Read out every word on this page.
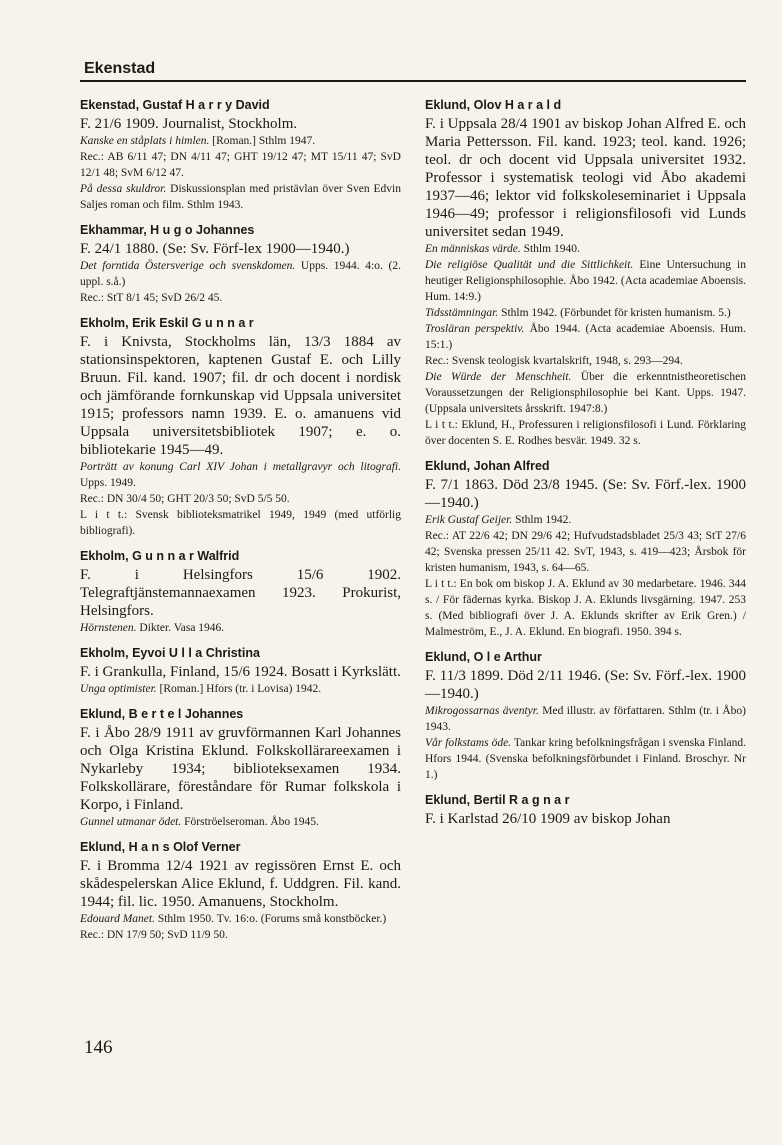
Ekenstad
Ekenstad, Gustaf H a r r y David
F. 21/6 1909. Journalist, Stockholm.
Kanske en ståplats i himlen. [Roman.] Sthlm 1947.
Rec.: AB 6/11 47; DN 4/11 47; GHT 19/12 47; MT 15/11 47; SvD 12/1 48; SvM 6/12 47.
På dessa skuldror. Diskussionsplan med pristävlan över Sven Edvin Saljes roman och film. Sthlm 1943.
Ekhammar, H u g o Johannes
F. 24/1 1880. (Se: Sv. Förf-lex 1900—1940.)
Det forntida Östersverige och svenskdomen. Upps. 1944. 4:o. (2. uppl. s.å.)
Rec.: StT 8/1 45; SvD 26/2 45.
Ekholm, Erik Eskil G u n n a r
F. i Knivsta, Stockholms län, 13/3 1884 av stationsinspektoren, kaptenen Gustaf E. och Lilly Bruun. Fil. kand. 1907; fil. dr och docent i nordisk och jämförande fornkunskap vid Uppsala universitet 1915; professors namn 1939. E. o. amanuens vid Uppsala universitetsbibliotek 1907; e. o. bibliotekarie 1945—49.
Porträtt av konung Carl XIV Johan i metallgravyr och litografi. Upps. 1949.
Rec.: DN 30/4 50; GHT 20/3 50; SvD 5/5 50.
L i t t.: Svensk biblioteksmatrikel 1949, 1949 (med utförlig bibliografi).
Ekholm, G u n n a r Walfrid
F. i Helsingfors 15/6 1902. Telegraftjänstemannaexamen 1923. Prokurist, Helsingfors.
Hörnstenen. Dikter. Vasa 1946.
Ekholm, Eyvoi U l l a Christina
F. i Grankulla, Finland, 15/6 1924. Bosatt i Kyrkslätt.
Unga optimister. [Roman.] Hfors (tr. i Lovisa) 1942.
Eklund, B e r t e l Johannes
F. i Åbo 28/9 1911 av gruvförmannen Karl Johannes och Olga Kristina Eklund. Folkskollärareexamen i Nykarleby 1934; biblioteksexamen 1934. Folkskollärare, föreståndare för Rumar folkskola i Korpo, i Finland.
Gunnel utmanar ödet. Förströelseroman. Åbo 1945.
Eklund, H a n s Olof Verner
F. i Bromma 12/4 1921 av regissören Ernst E. och skådespelerskan Alice Eklund, f. Uddgren. Fil. kand. 1944; fil. lic. 1950. Amanuens, Stockholm.
Edouard Manet. Sthlm 1950. Tv. 16:o. (Forums små konstböcker.)
Rec.: DN 17/9 50; SvD 11/9 50.
Eklund, Olov H a r a l d
F. i Uppsala 28/4 1901 av biskop Johan Alfred E. och Maria Pettersson. Fil. kand. 1923; teol. kand. 1926; teol. dr och docent vid Uppsala universitet 1932. Professor i systematisk teologi vid Åbo akademi 1937—46; lektor vid folkskoleseminariet i Uppsala 1946—49; professor i religionsfilosofi vid Lunds universitet sedan 1949.
En människas värde. Sthlm 1940.
Die religiöse Qualität und die Sittlichkeit. Eine Untersuchung in heutiger Religionsphilosophie. Åbo 1942. (Acta academiae Aboensis. Hum. 14:9.)
Tidsstämningar. Sthlm 1942. (Förbundet för kristen humanism. 5.)
Trosläran perspektiv. Åbo 1944. (Acta academiae Aboensis. Hum. 15:1.)
Rec.: Svensk teologisk kvartalskrift, 1948, s. 293—294.
Die Würde der Menschheit. Über die erkenntnistheoretischen Voraussetzungen der Religionsphilosophie bei Kant. Upps. 1947. (Uppsala universitets årsskrift. 1947:8.)
L i t t.: Eklund, H., Professuren i religionsfilosofi i Lund. Förklaring över docenten S. E. Rodhes besvär. 1949. 32 s.
Eklund, Johan Alfred
F. 7/1 1863. Död 23/8 1945. (Se: Sv. Förf.-lex. 1900—1940.)
Erik Gustaf Geijer. Sthlm 1942.
Rec.: AT 22/6 42; DN 29/6 42; Hufvudstadsbladet 25/3 43; StT 27/6 42; Svenska pressen 25/11 42. SvT, 1943, s. 419—423; Årsbok för kristen humanism, 1943, s. 64—65.
L i t t.: En bok om biskop J. A. Eklund av 30 medarbetare. 1946. 344 s. / För fädernas kyrka. Biskop J. A. Eklunds livsgärning. 1947. 253 s. (Med bibliografi över J. A. Eklunds skrifter av Erik Gren.) / Malmeström, E., J. A. Eklund. En biografi. 1950. 394 s.
Eklund, O l e Arthur
F. 11/3 1899. Död 2/11 1946. (Se: Sv. Förf.-lex. 1900—1940.)
Mikrogossarnas äventyr. Med illustr. av författaren. Sthlm (tr. i Åbo) 1943.
Vår folkstams öde. Tankar kring befolkningsfrågan i svenska Finland. Hfors 1944. (Svenska befolkningsförbundet i Finland. Broschyr. Nr 1.)
Eklund, Bertil R a g n a r
F. i Karlstad 26/10 1909 av biskop Johan
146
